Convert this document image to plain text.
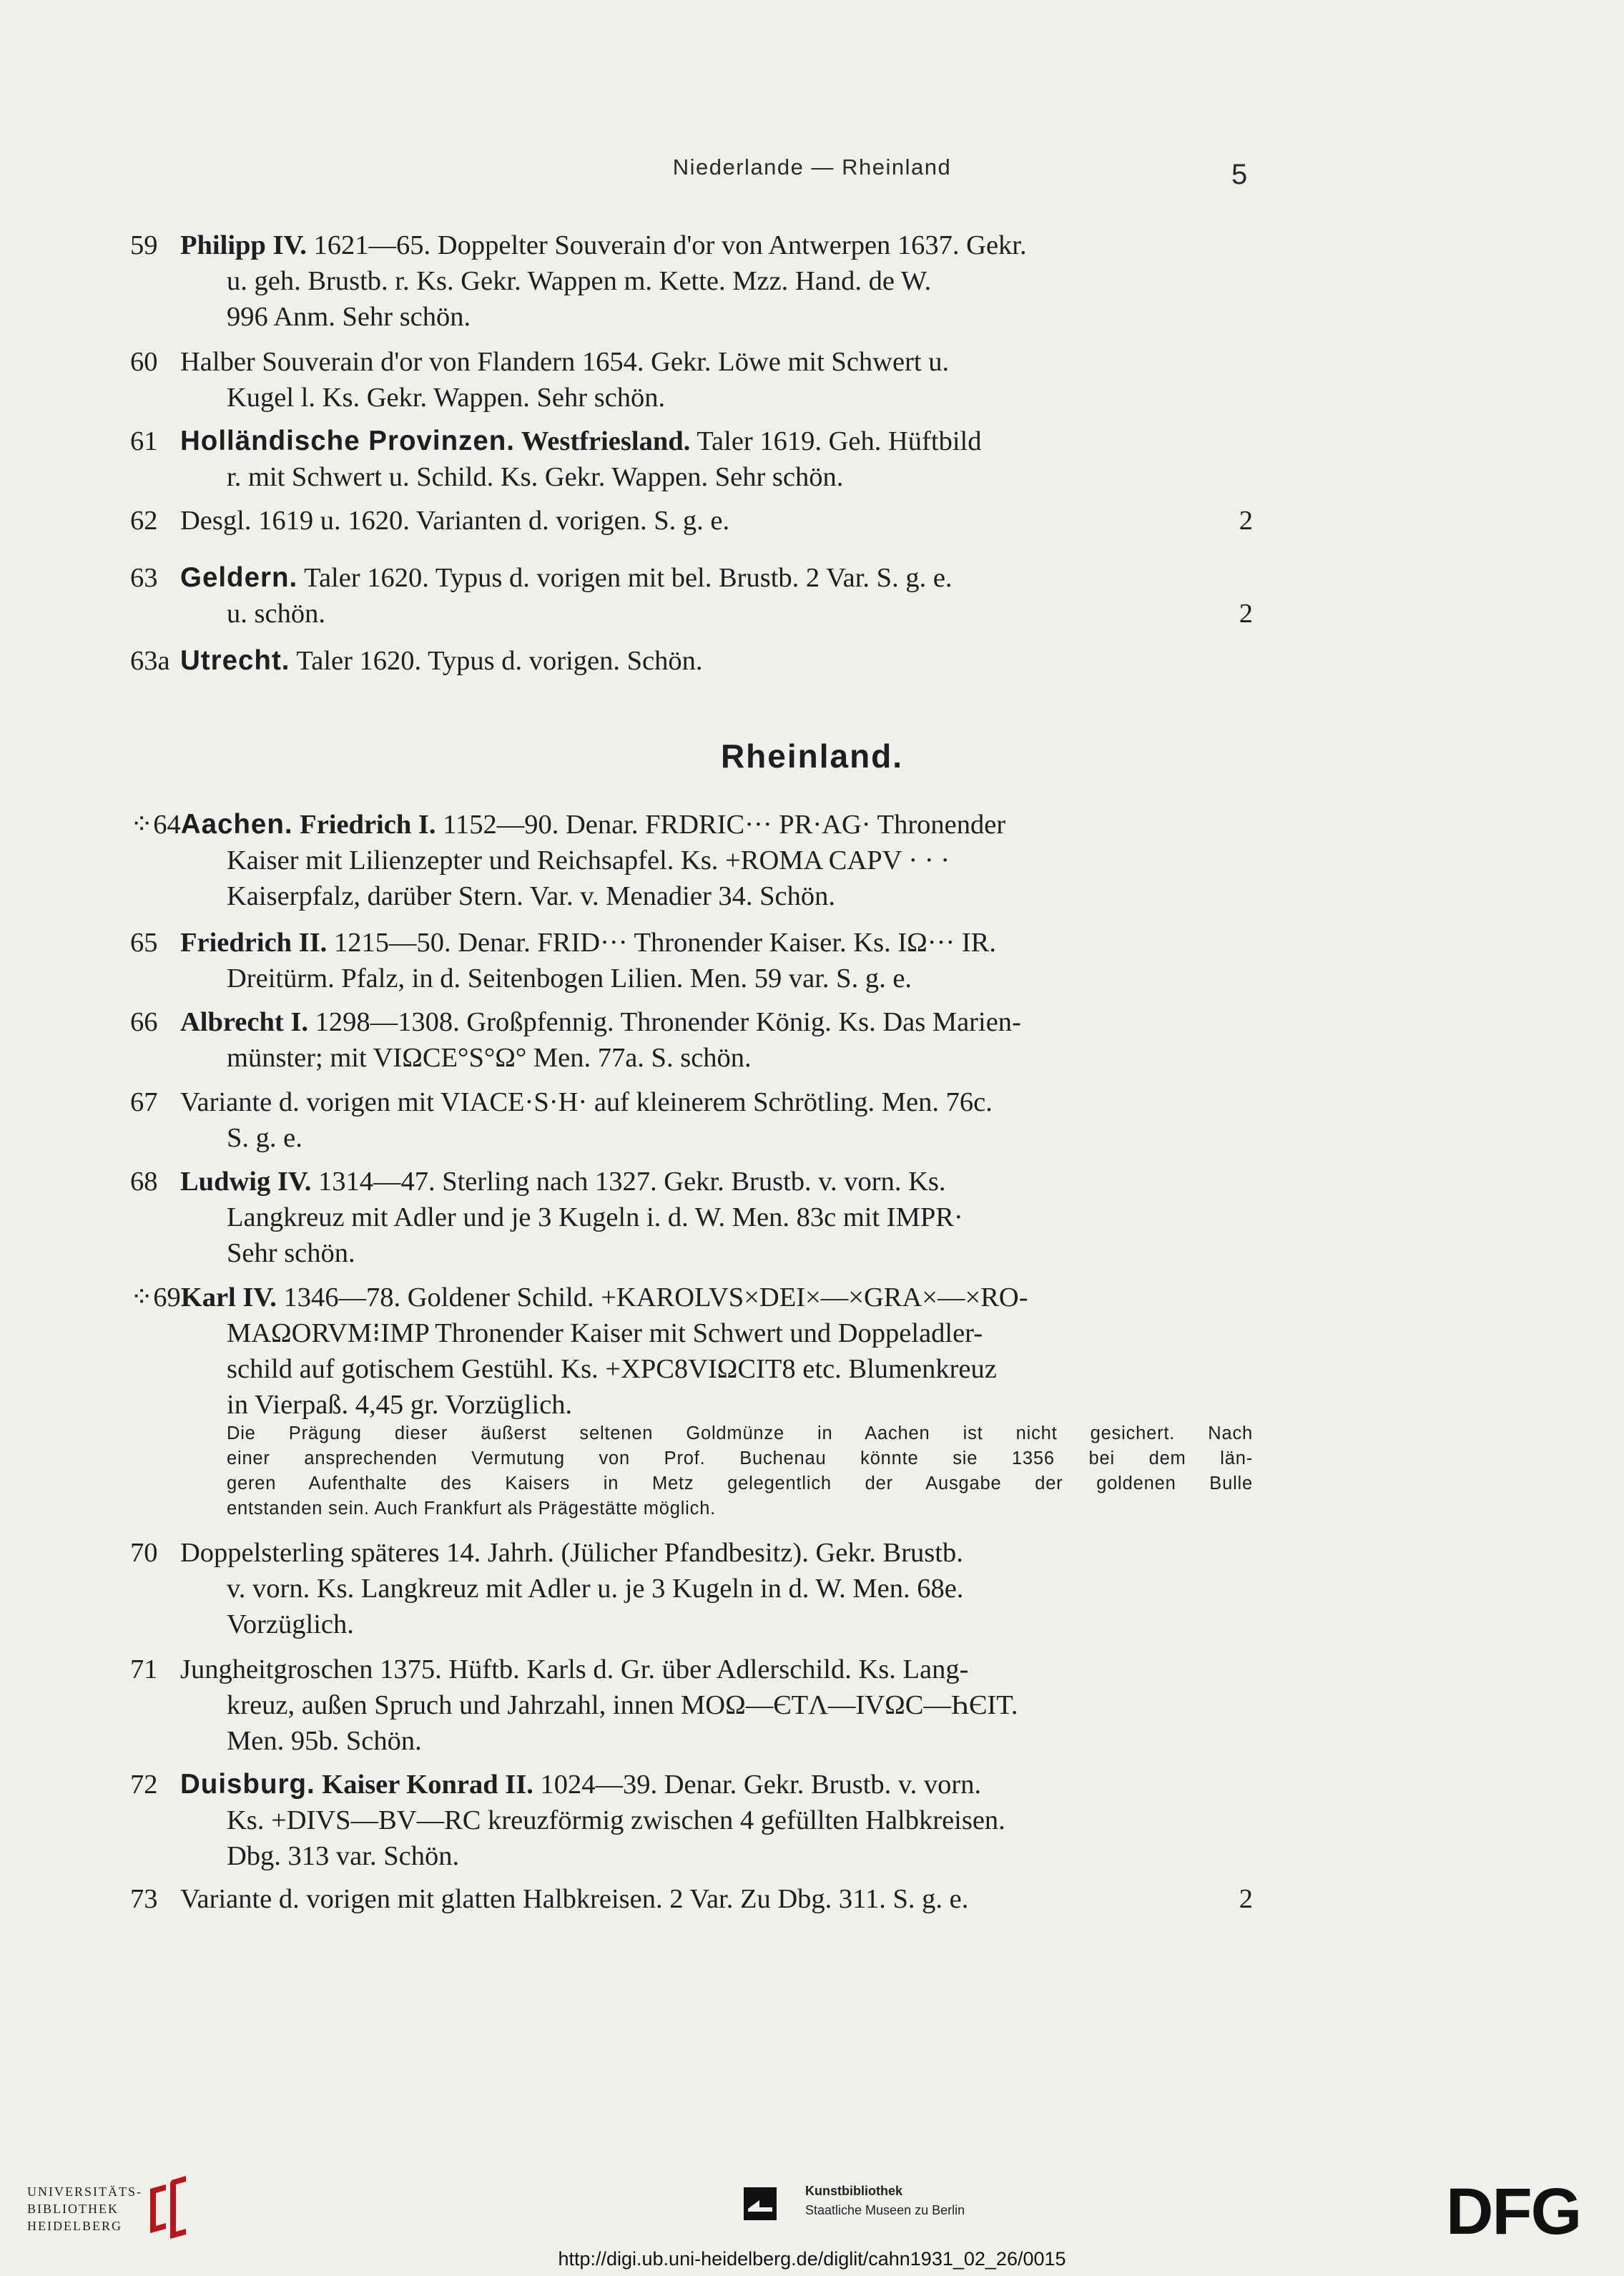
Niederlande — Rheinland	5
59 Philipp IV. 1621—65. Doppelter Souverain d'or von Antwerpen 1637. Gekr.
u. geh. Brustb. r. Ks. Gekr. Wappen m. Kette. Mzz. Hand. de W.
996 Anm. Sehr schön.
60 Halber Souverain d'or von Flandern 1654. Gekr. Löwe mit Schwert u.
Kugel l. Ks. Gekr. Wappen. Sehr schön.
61 Holländische Provinzen. Westfriesland. Taler 1619. Geh. Hüftbild
r. mit Schwert u. Schild. Ks. Gekr. Wappen. Sehr schön.
62 Desgl. 1619 u. 1620. Varianten d. vorigen. S. g. e.	2
63 Geldern. Taler 1620. Typus d. vorigen mit bel. Brustb. 2 Var. S. g. e.
u. schön.	2
63a Utrecht. Taler 1620. Typus d. vorigen. Schön.
Rheinland.
⁘64Aachen. Friedrich I. 1152—90. Denar. FRDRIC··· PR·AG· Thronender
Kaiser mit Lilienzepter und Reichsapfel. Ks. +ROMA CAPV · · ·
Kaiserpfalz, darüber Stern. Var. v. Menadier 34. Schön.
65 Friedrich II. 1215—50. Denar. FRID··· Thronender Kaiser. Ks. IΩ··· IR.
Dreitürm. Pfalz, in d. Seitenbogen Lilien. Men. 59 var. S. g. e.
66 Albrecht I. 1298—1308. Großpfennig. Thronender König. Ks. Das Marien-
münster; mit VIΩCE°S°Ω° Men. 77a. S. schön.
67 Variante d. vorigen mit VIACE·S·H· auf kleinerem Schrötling. Men. 76c.
S. g. e.
68 Ludwig IV. 1314—47. Sterling nach 1327. Gekr. Brustb. v. vorn. Ks.
Langkreuz mit Adler und je 3 Kugeln i. d. W. Men. 83c mit IMPR·
Sehr schön.
⁘69Karl IV. 1346—78. Goldener Schild. +KAROLVS×DEI×—×GRA×—×RO-
MAΩORVM⁝IMP Thronender Kaiser mit Schwert und Doppeladler-
schild auf gotischem Gestühl. Ks. +XPC8VIΩCIT8 etc. Blumenkreuz
in Vierpaß. 4,45 gr. Vorzüglich.
Die Prägung dieser äußerst seltenen Goldmünze in Aachen ist nicht gesichert. Nach
einer ansprechenden Vermutung von Prof. Buchenau könnte sie 1356 bei dem län-
geren Aufenthalte des Kaisers in Metz gelegentlich der Ausgabe der goldenen Bulle
entstanden sein. Auch Frankfurt als Prägestätte möglich.
70 Doppelsterling späteres 14. Jahrh. (Jülicher Pfandbesitz). Gekr. Brustb.
v. vorn. Ks. Langkreuz mit Adler u. je 3 Kugeln in d. W. Men. 68e.
Vorzüglich.
71 Jungheitgroschen 1375. Hüftb. Karls d. Gr. über Adlerschild. Ks. Lang-
kreuz, außen Spruch und Jahrzahl, innen MOΩ—ЄTΛ—IVΩC—ҺЄIT.
Men. 95b. Schön.
72 Duisburg. Kaiser Konrad II. 1024—39. Denar. Gekr. Brustb. v. vorn.
Ks. +DIVS—BV—RC kreuzförmig zwischen 4 gefüllten Halbkreisen.
Dbg. 313 var. Schön.
73 Variante d. vorigen mit glatten Halbkreisen. 2 Var. Zu Dbg. 311. S. g. e.	2
UNIVERSITÄTS-
BIBLIOTHEK
HEIDELBERG
Kunstbibliothek
Staatliche Museen zu Berlin	DFG
http://digi.ub.uni-heidelberg.de/diglit/cahn1931_02_26/0015
